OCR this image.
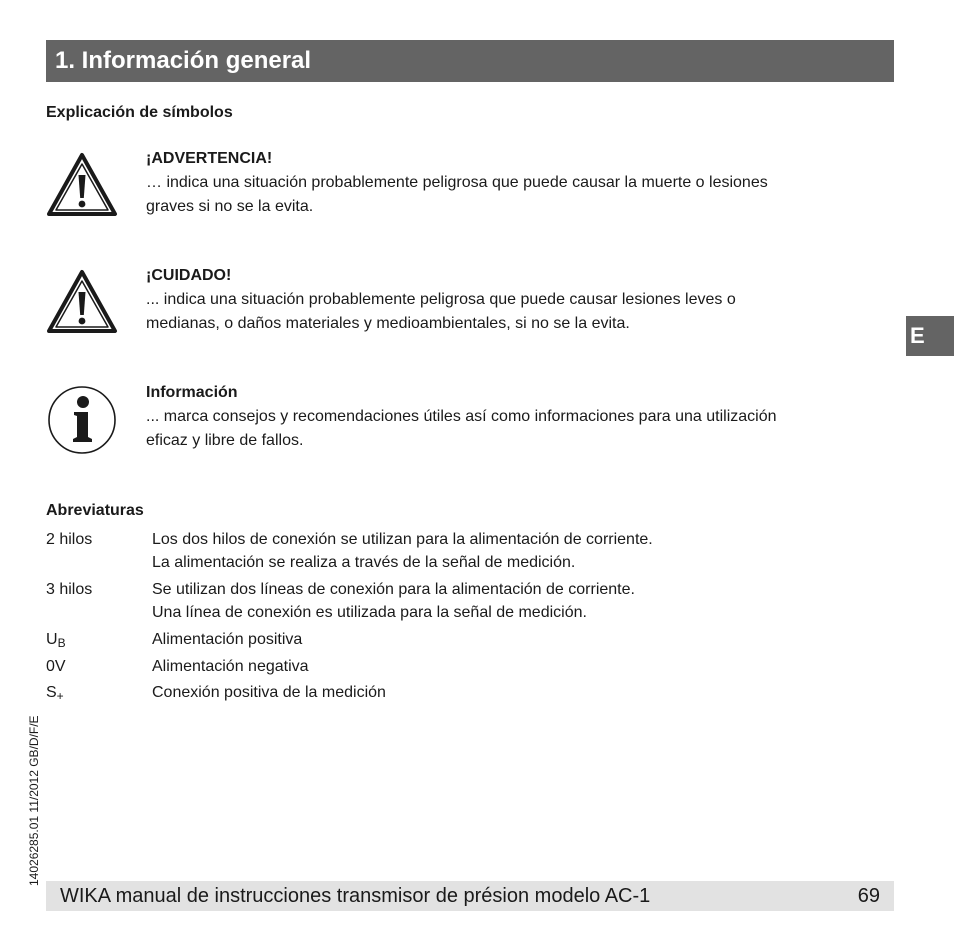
1. Información general
Explicación de símbolos
¡ADVERTENCIA!
… indica una situación probablemente peligrosa que puede causar la muerte o lesiones
graves si no se la evita.
¡CUIDADO!
... indica una situación probablemente peligrosa que puede causar lesiones leves o
medianas, o daños materiales y medioambientales, si no se la evita.
Información
... marca consejos y recomendaciones útiles así como informaciones para una utilización
eficaz y libre de fallos.
Abreviaturas
2 hilos	Los dos hilos de conexión se utilizan para la alimentación de corriente.
La alimentación se realiza a través de la señal de medición.
3 hilos	Se utilizan dos líneas de conexión para la alimentación de corriente.
Una línea de conexión es utilizada para la señal de medición.
$U_B$	Alimentación positiva
0V	Alimentación negativa
$S_+$	Conexión positiva de la medición
E
14026285.01 11/2012 GB/D/F/E
WIKA manual de instrucciones transmisor de présion modelo AC-1	69
